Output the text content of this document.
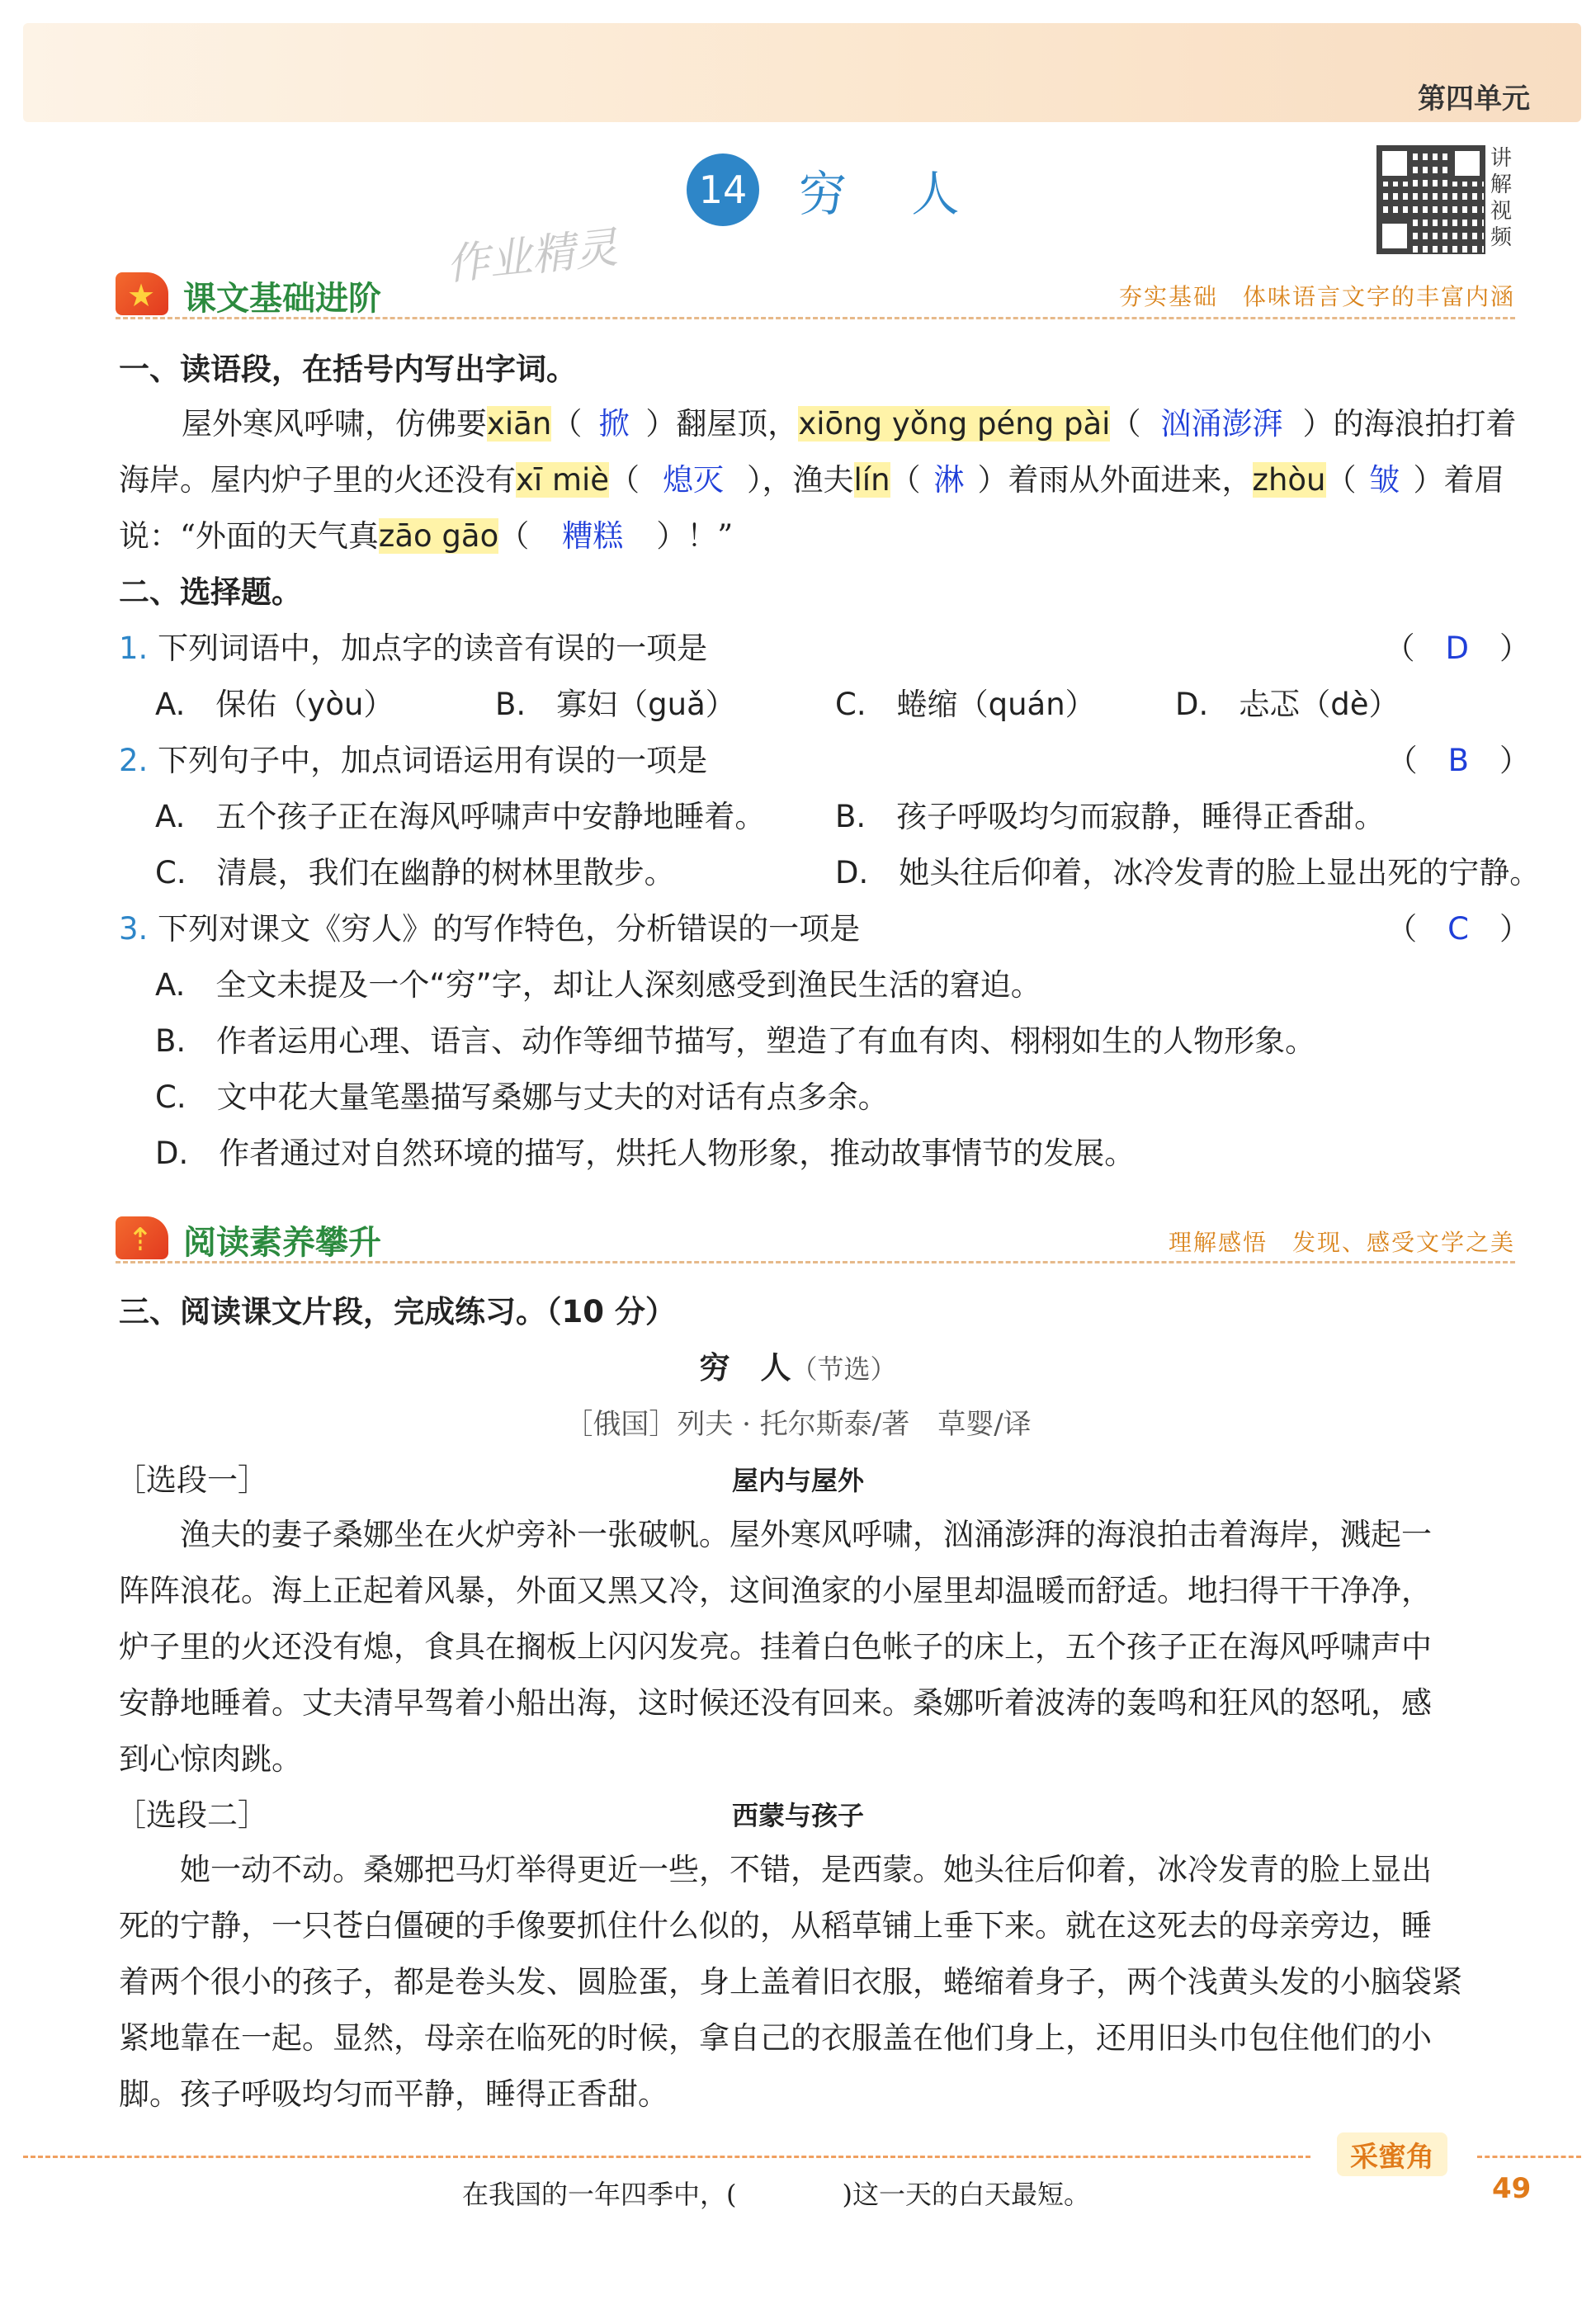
第四单元
14 穷 人
讲解视频
作业精灵
★ 课文基础进阶	夯实基础　体味语言文字的丰富内涵
一、读语段，在括号内写出字词。
屋外寒风呼啸，仿佛要xiān（ 掀 ）翻屋顶，xiōng yǒng péng pài（ 汹涌澎湃 ）的海浪拍打着
海岸。屋内炉子里的火还没有xī miè（ 熄灭 ），渔夫lín（ 淋 ）着雨从外面进来，zhòu（ 皱 ）着眉
说：“外面的天气真zāo gāo（ 糟糕 ）！”
二、选择题。
1. 下列词语中，加点字的读音有误的一项是	（　D　）
A.　保佑（yòu）	B.　寡妇（guǎ）	C.　蜷缩（quán）	D.　忐忑（dè）
2. 下列句子中，加点词语运用有误的一项是	（　B　）
A.　五个孩子正在海风呼啸声中安静地睡着。 B.　孩子呼吸均匀而寂静，睡得正香甜。
C.　清晨，我们在幽静的树林里散步。	D.　她头往后仰着，冰冷发青的脸上显出死的宁静。
3. 下列对课文《穷人》的写作特色，分析错误的一项是	（　C　）
A.　全文未提及一个“穷”字，却让人深刻感受到渔民生活的窘迫。
B.　作者运用心理、语言、动作等细节描写，塑造了有血有肉、栩栩如生的人物形象。
C.　文中花大量笔墨描写桑娜与丈夫的对话有点多余。
D.　作者通过对自然环境的描写，烘托人物形象，推动故事情节的发展。
⇡ 阅读素养攀升	理解感悟　发现、感受文学之美
三、阅读课文片段，完成练习。（10 分）
穷　人（节选）
［俄国］列夫 · 托尔斯泰/著　草婴/译
［选段一］	屋内与屋外
　　渔夫的妻子桑娜坐在火炉旁补一张破帆。屋外寒风呼啸，汹涌澎湃的海浪拍击着海岸，溅起一
阵阵浪花。海上正起着风暴，外面又黑又冷，这间渔家的小屋里却温暖而舒适。地扫得干干净净，
炉子里的火还没有熄，食具在搁板上闪闪发亮。挂着白色帐子的床上，五个孩子正在海风呼啸声中
安静地睡着。丈夫清早驾着小船出海，这时候还没有回来。桑娜听着波涛的轰鸣和狂风的怒吼，感
到心惊肉跳。
［选段二］	西蒙与孩子
　　她一动不动。桑娜把马灯举得更近一些，不错，是西蒙。她头往后仰着，冰冷发青的脸上显出
死的宁静，一只苍白僵硬的手像要抓住什么似的，从稻草铺上垂下来。就在这死去的母亲旁边，睡
着两个很小的孩子，都是卷头发、圆脸蛋，身上盖着旧衣服，蜷缩着身子，两个浅黄头发的小脑袋紧
紧地靠在一起。显然，母亲在临死的时候，拿自己的衣服盖在他们身上，还用旧头巾包住他们的小
脚。孩子呼吸均匀而平静，睡得正香甜。
采蜜角
在我国的一年四季中，(　　　　)这一天的白天最短。	49
